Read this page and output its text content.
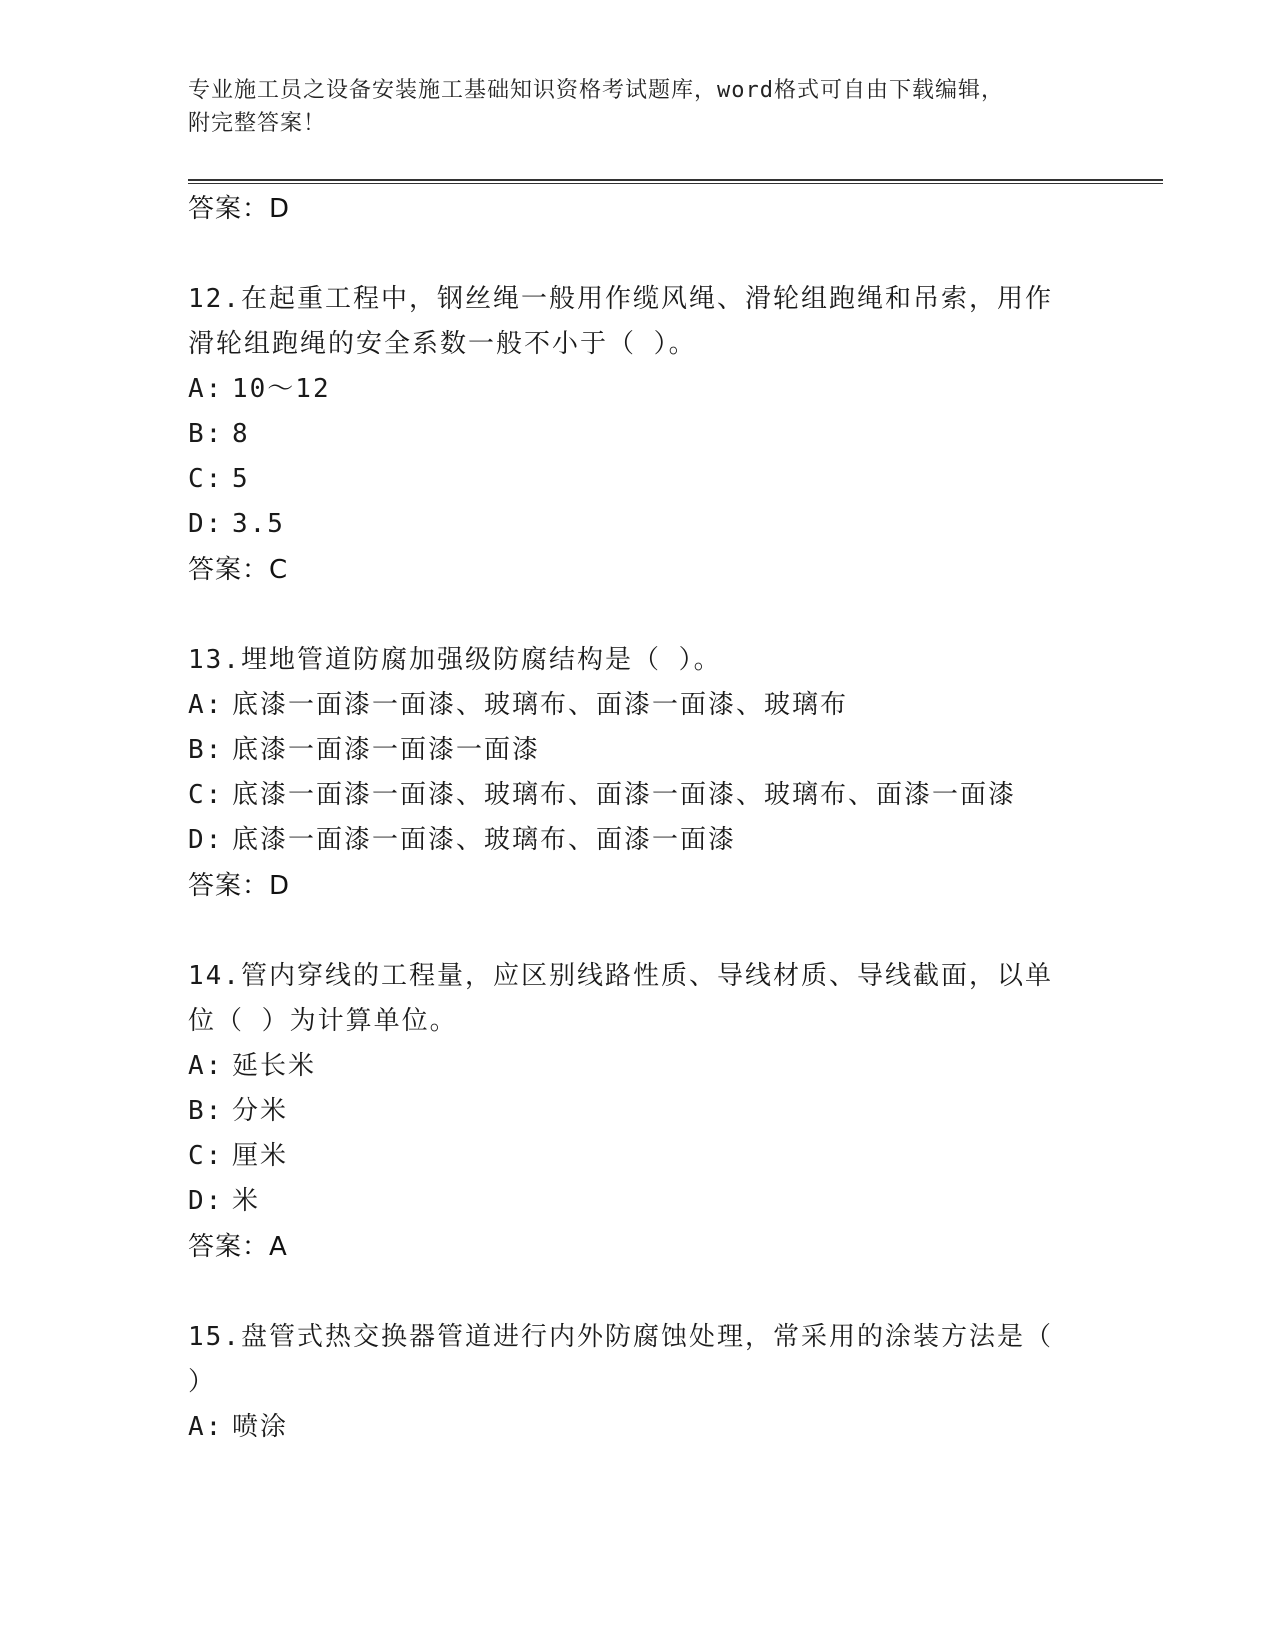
专业施工员之设备安装施工基础知识资格考试题库，word格式可自由下载编辑，
附完整答案！
答案：D
12.在起重工程中，钢丝绳一般用作缆风绳、滑轮组跑绳和吊索，用作
滑轮组跑绳的安全系数一般不小于（ ）。
A: 10～12
B: 8
C: 5
D: 3.5
答案：C
13.埋地管道防腐加强级防腐结构是（ ）。
A: 底漆一面漆一面漆、玻璃布、面漆一面漆、玻璃布
B: 底漆一面漆一面漆一面漆
C: 底漆一面漆一面漆、玻璃布、面漆一面漆、玻璃布、面漆一面漆
D: 底漆一面漆一面漆、玻璃布、面漆一面漆
答案：D
14.管内穿线的工程量，应区别线路性质、导线材质、导线截面，以单
位（ ）为计算单位。
A: 延长米
B: 分米
C: 厘米
D: 米
答案：A
15.盘管式热交换器管道进行内外防腐蚀处理，常采用的涂装方法是（
）
A: 喷涂
